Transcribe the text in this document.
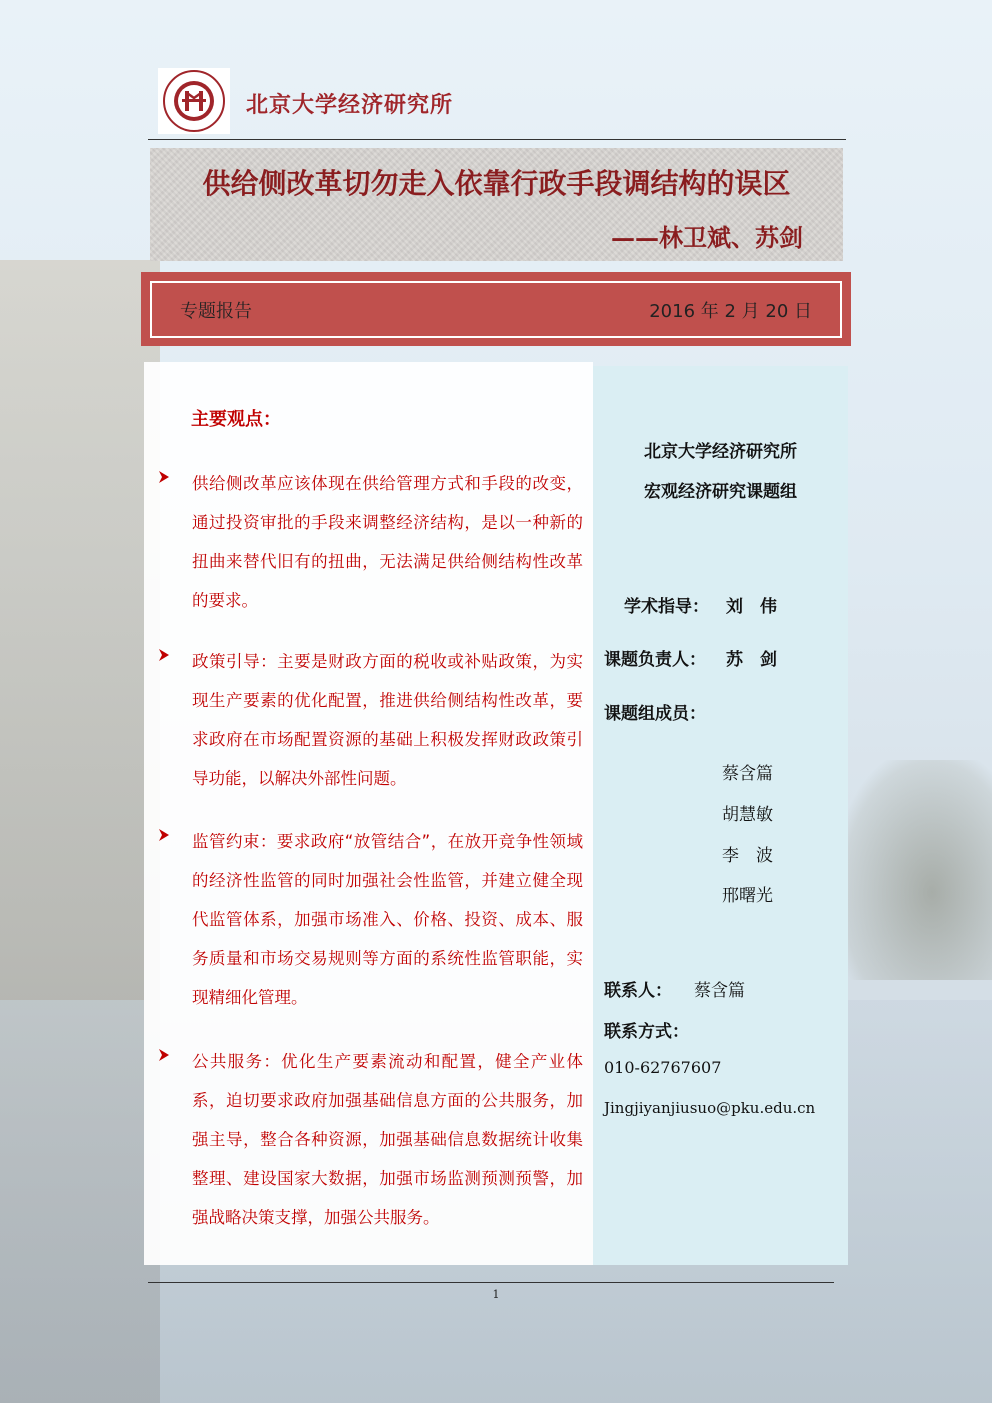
北京大学经济研究所
供给侧改革切勿走入依靠行政手段调结构的误区
——林卫斌、苏剑
专题报告	2016 年 2 月 20 日
主要观点：
供给侧改革应该体现在供给管理方式和手段的改变，通过投资审批的手段来调整经济结构，是以一种新的扭曲来替代旧有的扭曲，无法满足供给侧结构性改革的要求。
政策引导：主要是财政方面的税收或补贴政策，为实现生产要素的优化配置，推进供给侧结构性改革，要求政府在市场配置资源的基础上积极发挥财政政策引导功能，以解决外部性问题。
监管约束：要求政府“放管结合”，在放开竞争性领域的经济性监管的同时加强社会性监管，并建立健全现代监管体系，加强市场准入、价格、投资、成本、服务质量和市场交易规则等方面的系统性监管职能，实现精细化管理。
公共服务：优化生产要素流动和配置，健全产业体系，迫切要求政府加强基础信息方面的公共服务，加强主导，整合各种资源，加强基础信息数据统计收集整理、建设国家大数据，加强市场监测预测预警，加强战略决策支撑，加强公共服务。
北京大学经济研究所
宏观经济研究课题组
学术指导： 刘　伟
课题负责人： 苏　剑
课题组成员：
蔡含篇
胡慧敏
李　波
邢曙光
联系人： 蔡含篇
联系方式：
010-62767607
Jingjiyanjiusuo@pku.edu.cn
1
